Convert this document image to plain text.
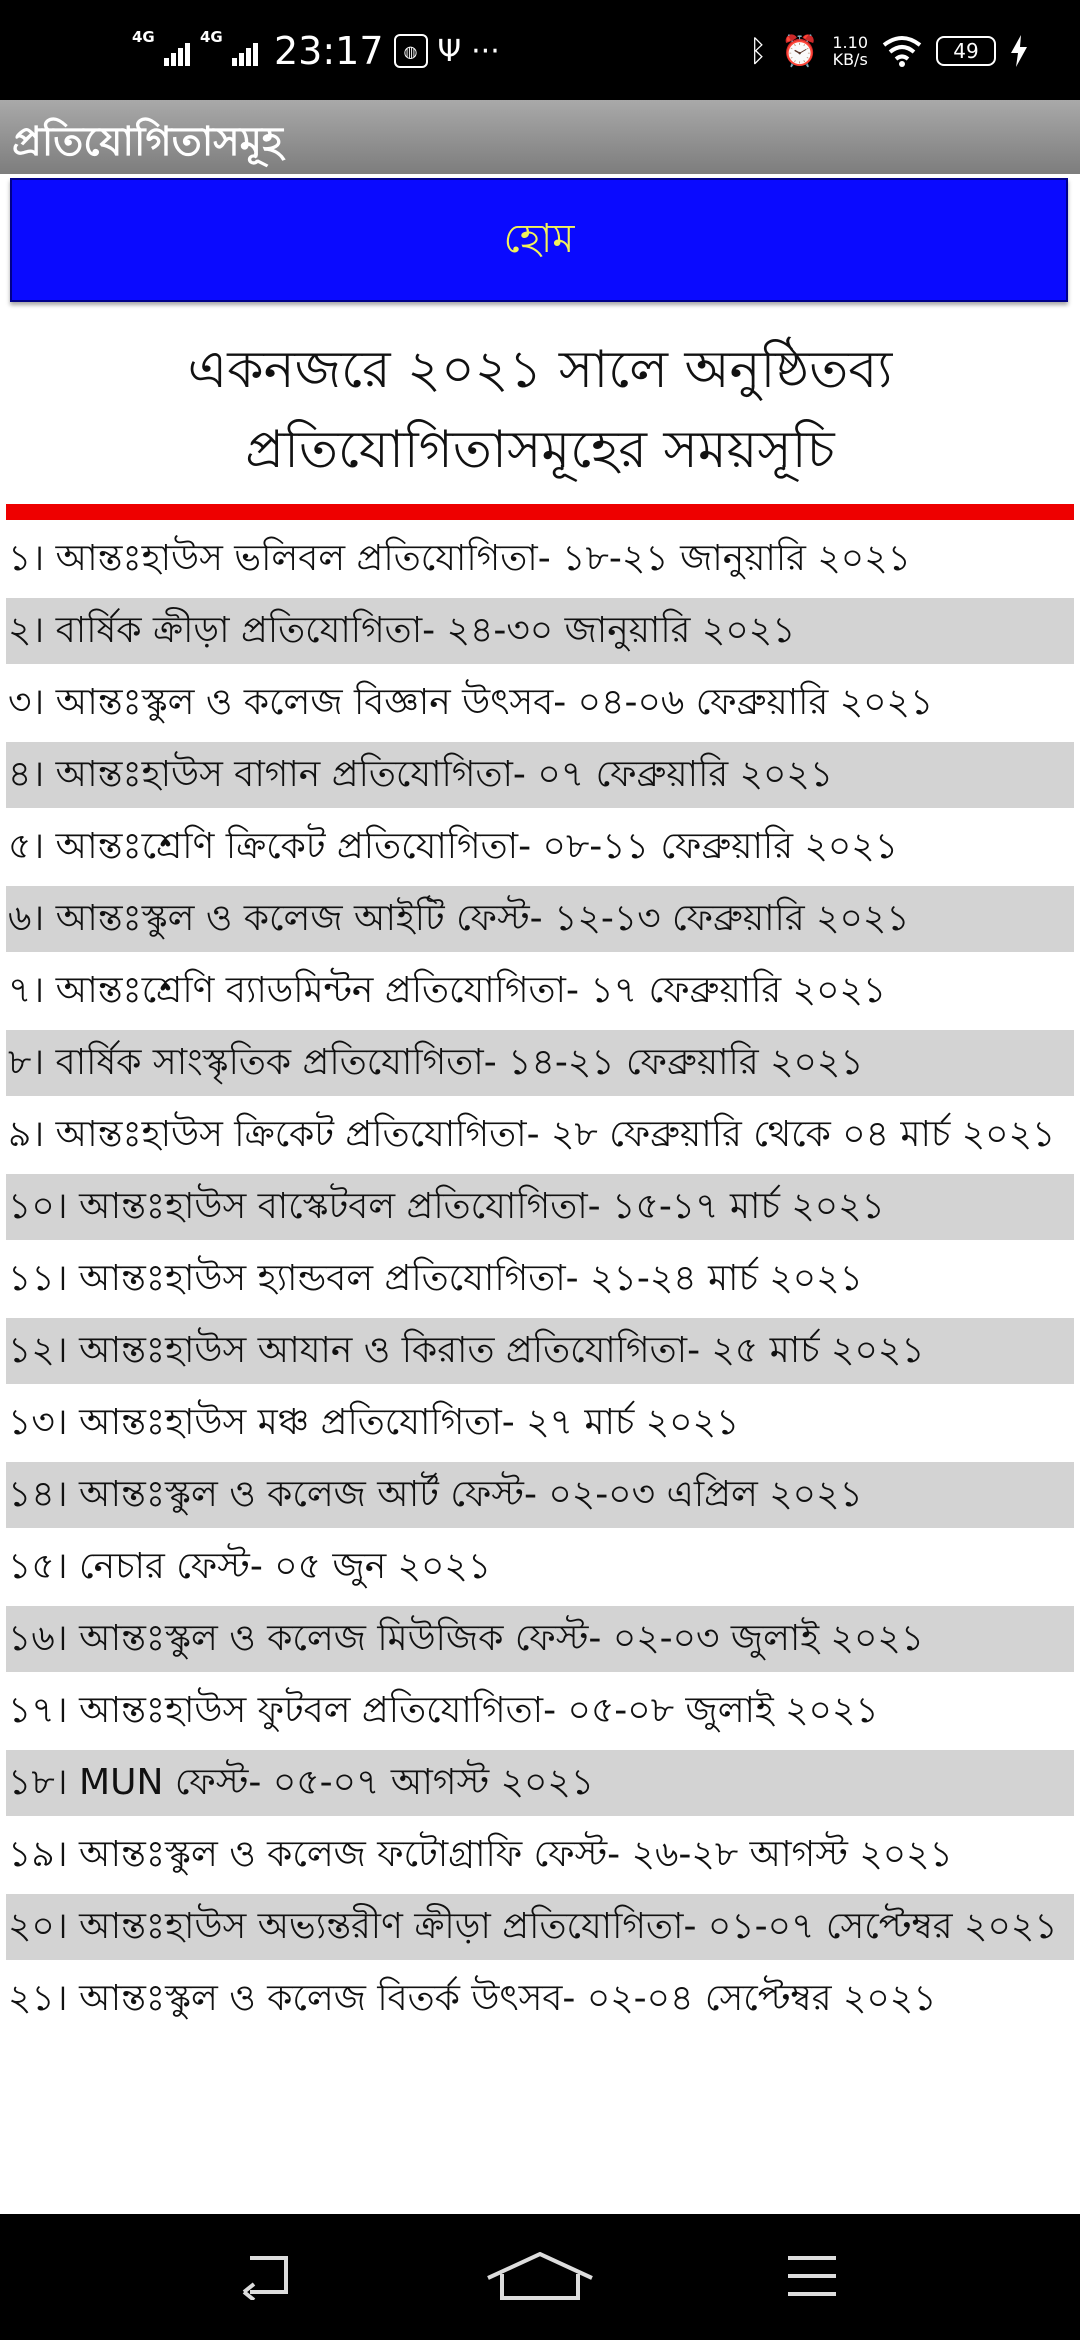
4G	4G 23:17	◍ Ψ ···	ᛒ ⏰ 1.10
KB/s	49
প্রতিযোগিতাসমূহ
হোম
একনজরে ২০২১ সালে অনুষ্ঠিতব্য
প্রতিযোগিতাসমূহের সময়সূচি
১। আন্তঃহাউস ভলিবল প্রতিযোগিতা- ১৮-২১ জানুয়ারি ২০২১
২। বার্ষিক ক্রীড়া প্রতিযোগিতা- ২৪-৩০ জানুয়ারি ২০২১
৩। আন্তঃস্কুল ও কলেজ বিজ্ঞান উৎসব- ০৪-০৬ ফেব্রুয়ারি ২০২১
৪। আন্তঃহাউস বাগান প্রতিযোগিতা- ০৭ ফেব্রুয়ারি ২০২১
৫। আন্তঃশ্রেণি ক্রিকেট প্রতিযোগিতা- ০৮-১১ ফেব্রুয়ারি ২০২১
৬। আন্তঃস্কুল ও কলেজ আইটি ফেস্ট- ১২-১৩ ফেব্রুয়ারি ২০২১
৭। আন্তঃশ্রেণি ব্যাডমিন্টন প্রতিযোগিতা- ১৭ ফেব্রুয়ারি ২০২১
৮। বার্ষিক সাংস্কৃতিক প্রতিযোগিতা- ১৪-২১ ফেব্রুয়ারি ২০২১
৯। আন্তঃহাউস ক্রিকেট প্রতিযোগিতা- ২৮ ফেব্রুয়ারি থেকে ০৪ মার্চ ২০২১
১০। আন্তঃহাউস বাস্কেটবল প্রতিযোগিতা- ১৫-১৭ মার্চ ২০২১
১১। আন্তঃহাউস হ্যান্ডবল প্রতিযোগিতা- ২১-২৪ মার্চ ২০২১
১২। আন্তঃহাউস আযান ও কিরাত প্রতিযোগিতা- ২৫ মার্চ ২০২১
১৩। আন্তঃহাউস মঞ্চ প্রতিযোগিতা- ২৭ মার্চ ২০২১
১৪। আন্তঃস্কুল ও কলেজ আর্ট ফেস্ট- ০২-০৩ এপ্রিল ২০২১
১৫। নেচার ফেস্ট- ০৫ জুন ২০২১
১৬। আন্তঃস্কুল ও কলেজ মিউজিক ফেস্ট- ০২-০৩ জুলাই ২০২১
১৭। আন্তঃহাউস ফুটবল প্রতিযোগিতা- ০৫-০৮ জুলাই ২০২১
১৮। MUN ফেস্ট- ০৫-০৭ আগস্ট ২০২১
১৯। আন্তঃস্কুল ও কলেজ ফটোগ্রাফি ফেস্ট- ২৬-২৮ আগস্ট ২০২১
২০। আন্তঃহাউস অভ্যন্তরীণ ক্রীড়া প্রতিযোগিতা- ০১-০৭ সেপ্টেম্বর ২০২১
২১। আন্তঃস্কুল ও কলেজ বিতর্ক উৎসব- ০২-০৪ সেপ্টেম্বর ২০২১
